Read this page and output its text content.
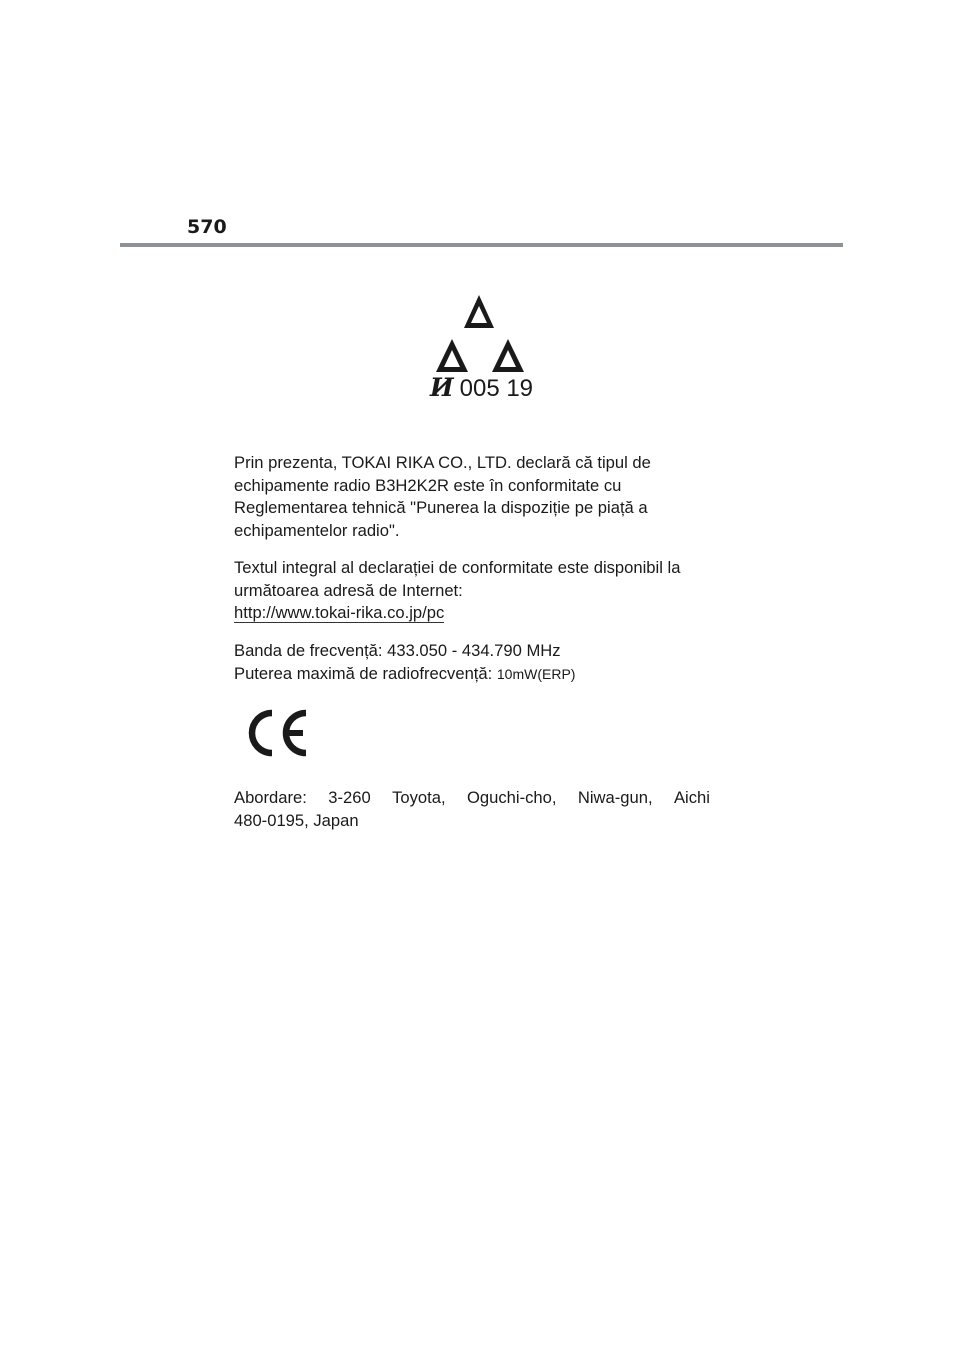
570
И 005 19
Prin prezenta, TOKAI RIKA CO., LTD. declară că tipul de
echipamente radio B3H2K2R este în conformitate cu
Reglementarea tehnică "Punerea la dispoziție pe piață a
echipamentelor radio".
Textul integral al declarației de conformitate este disponibil la
următoarea adresă de Internet:
http://www.tokai-rika.co.jp/pc
Banda de frecvență: 433.050 - 434.790 MHz
Puterea maximă de radiofrecvență: 10mW(ERP)
Abordare: 3-260 Toyota, Oguchi-cho, Niwa-gun, Aichi
480-0195, Japan
